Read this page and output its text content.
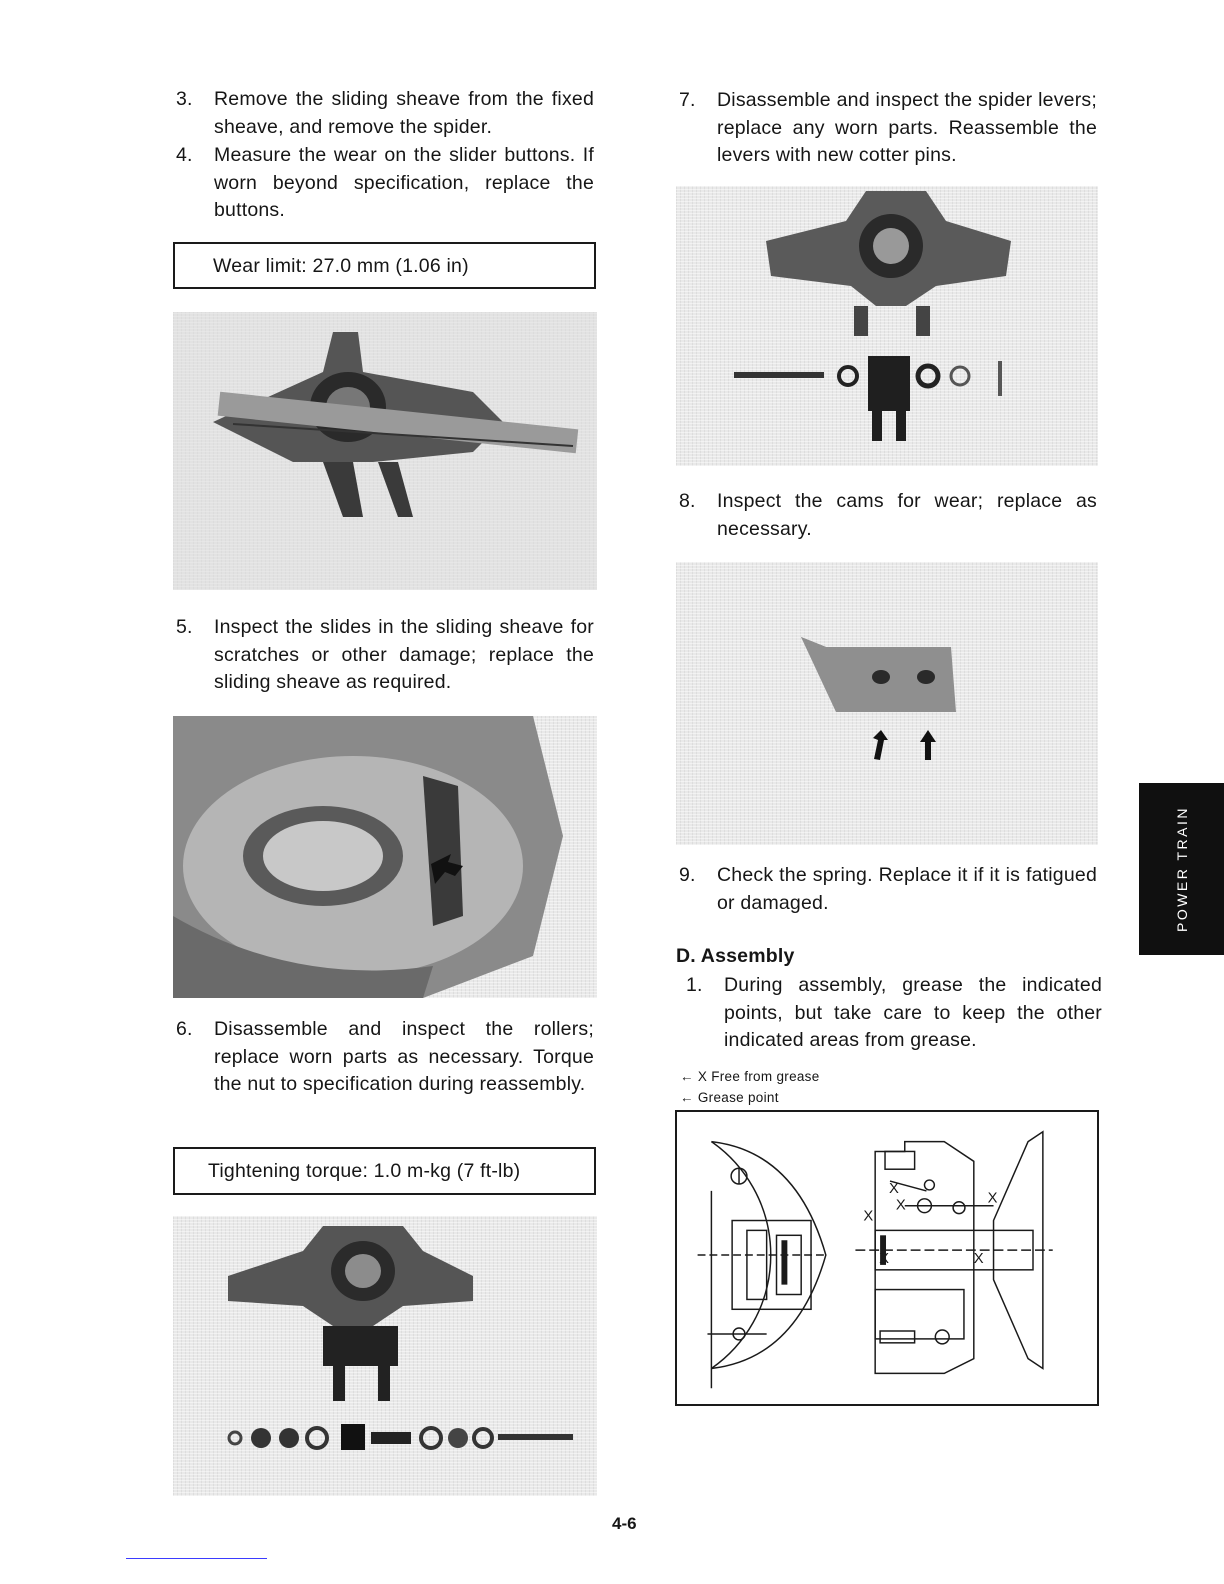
3. Remove the sliding sheave from the fixed sheave, and remove the spider.
4. Measure the wear on the slider buttons. If worn beyond specification, replace the buttons.
Wear limit: 27.0 mm (1.06 in)
5. Inspect the slides in the sliding sheave for scratches or other damage; replace the sliding sheave as required.
6. Disassemble and inspect the rollers; replace worn parts as necessary. Torque the nut to specification during reassembly.
Tightening torque: 1.0 m-kg (7 ft-lb)
7. Disassemble and inspect the spider levers; replace any worn parts. Reassemble the levers with new cotter pins.
8. Inspect the cams for wear; replace as necessary.
9. Check the spring. Replace it if it is fatigued or damaged.
D. Assembly
1. During assembly, grease the indicated points, but take care to keep the other indicated areas from grease.
← X Free from grease
← Grease point
X
X
X
X
X	X
POWER TRAIN
4-6
